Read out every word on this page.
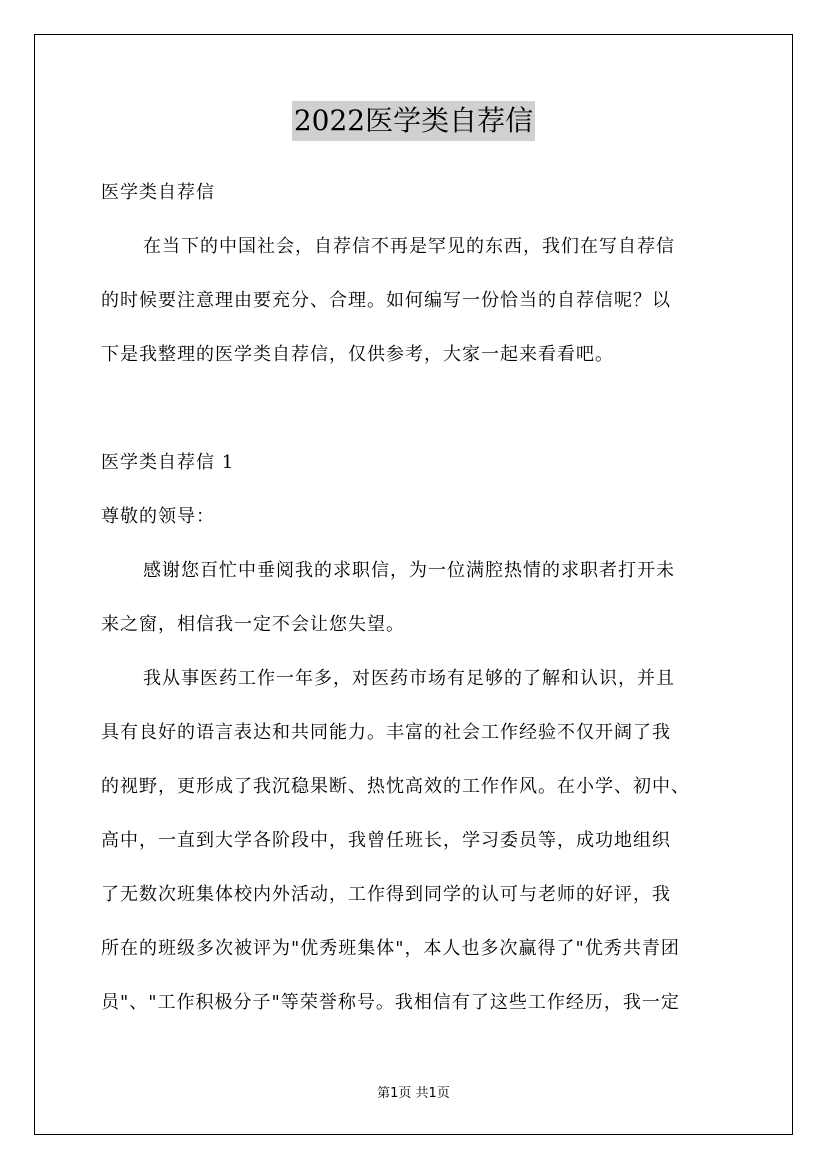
2022医学类自荐信
医学类自荐信
在当下的中国社会，自荐信不再是罕见的东西，我们在写自荐信
的时候要注意理由要充分、合理。如何编写一份恰当的自荐信呢？以
下是我整理的医学类自荐信，仅供参考，大家一起来看看吧。
医学类自荐信 1
尊敬的领导：
感谢您百忙中垂阅我的求职信，为一位满腔热情的求职者打开未
来之窗，相信我一定不会让您失望。
我从事医药工作一年多，对医药市场有足够的了解和认识，并且
具有良好的语言表达和共同能力。丰富的社会工作经验不仅开阔了我
的视野，更形成了我沉稳果断、热忱高效的工作作风。在小学、初中、
高中，一直到大学各阶段中，我曾任班长，学习委员等，成功地组织
了无数次班集体校内外活动，工作得到同学的认可与老师的好评，我
所在的班级多次被评为"优秀班集体"，本人也多次赢得了"优秀共青团
员"、"工作积极分子"等荣誉称号。我相信有了这些工作经历，我一定
第1页 共1页
